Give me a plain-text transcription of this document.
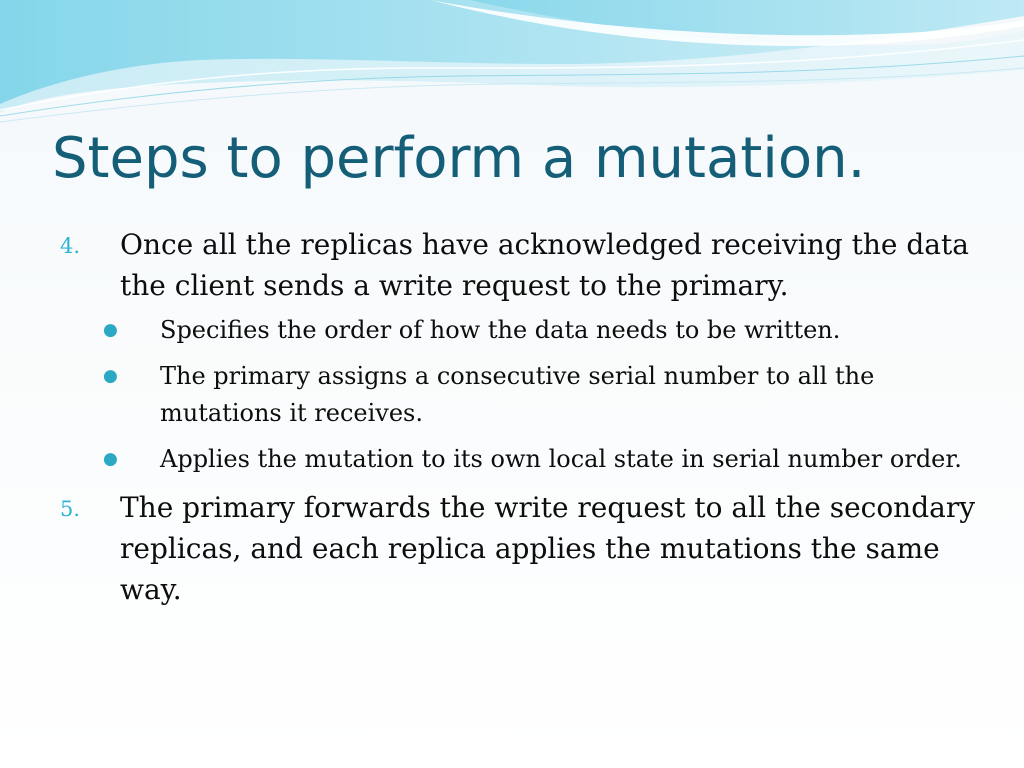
Steps to perform a mutation.
4. Once all the replicas have acknowledged receiving the data the client sends a write request to the primary.
● Specifies the order of how the data needs to be written.
● The primary assigns a consecutive serial number to all the mutations it receives.
● Applies the mutation to its own local state in serial number order.
5. The primary forwards the write request to all the secondary replicas, and each replica applies the mutations the same way.
